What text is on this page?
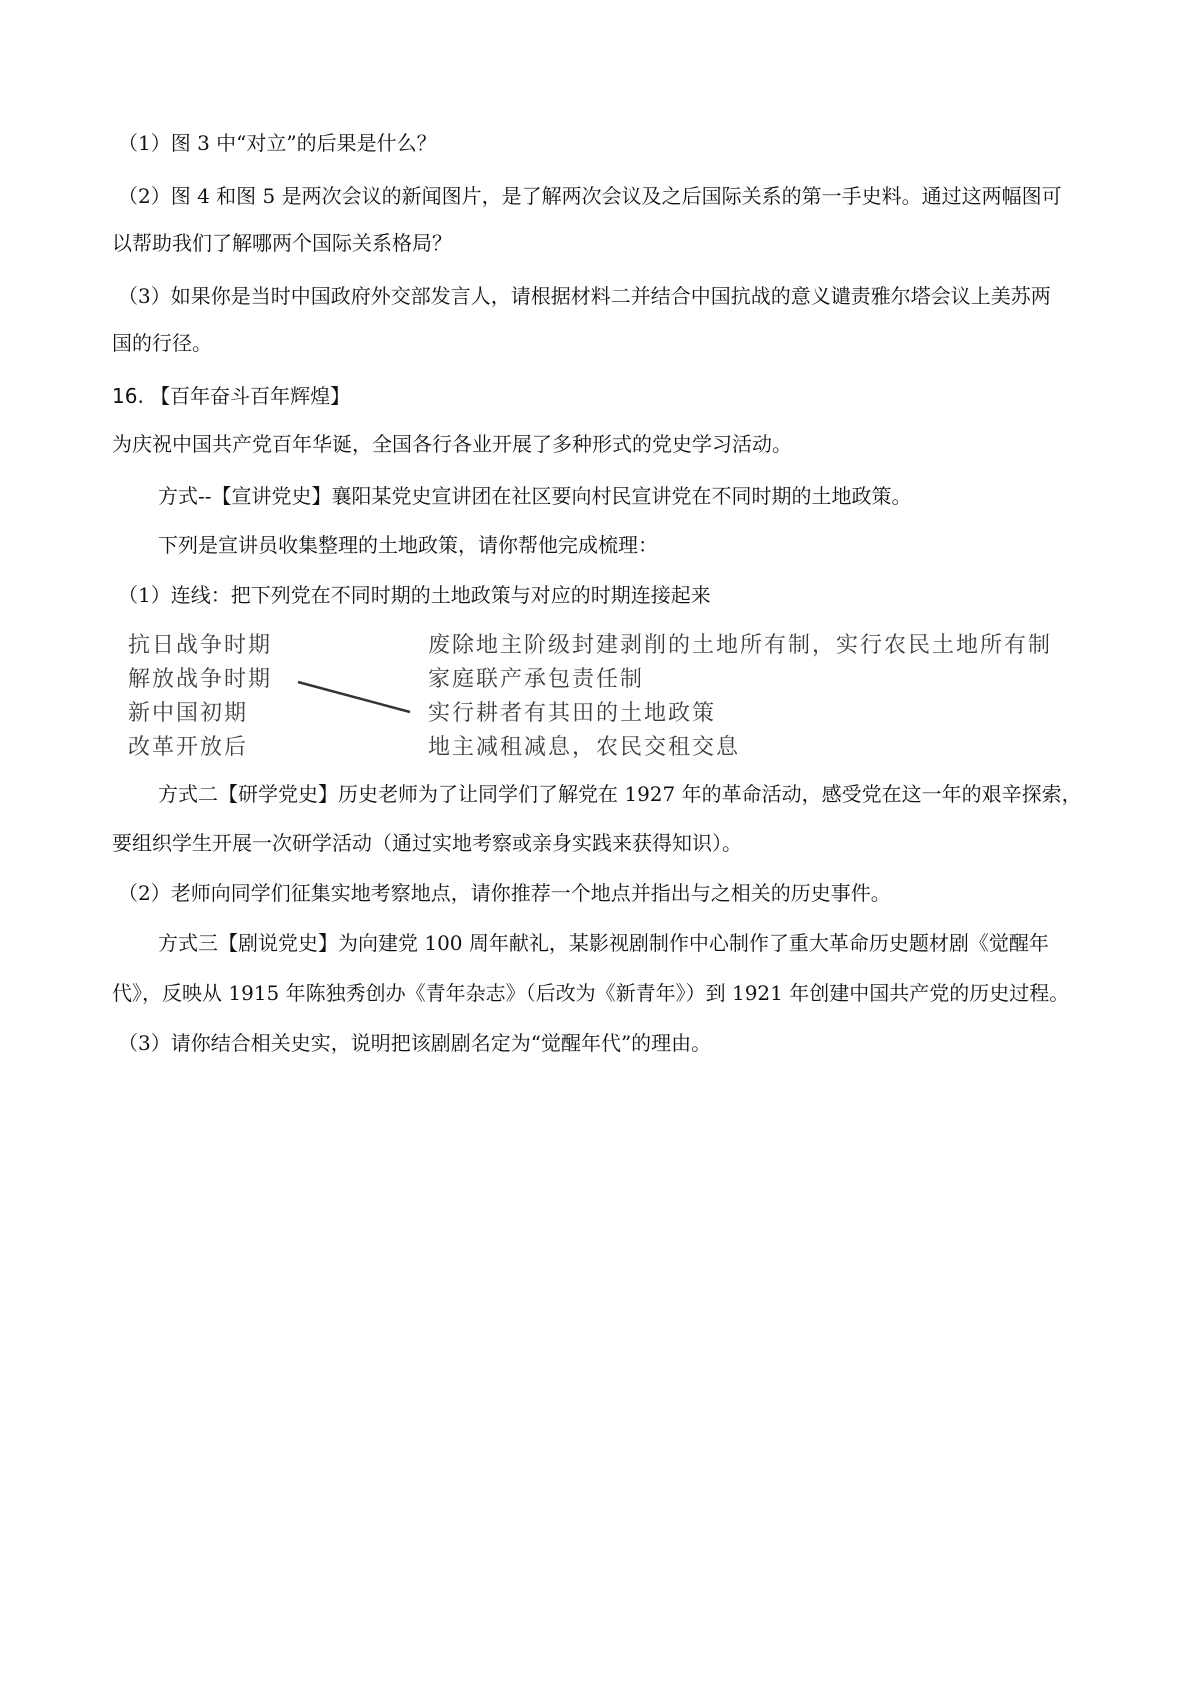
（1）图 3 中“对立”的后果是什么？
（2）图 4 和图 5 是两次会议的新闻图片，是了解两次会议及之后国际关系的第一手史料。通过这两幅图可
以帮助我们了解哪两个国际关系格局？
（3）如果你是当时中国政府外交部发言人，请根据材料二并结合中国抗战的意义谴责雅尔塔会议上美苏两
国的行径。
16. 【百年奋斗百年辉煌】
为庆祝中国共产党百年华诞，全国各行各业开展了多种形式的党史学习活动。
方式--【宣讲党史】襄阳某党史宣讲团在社区要向村民宣讲党在不同时期的土地政策。
下列是宣讲员收集整理的土地政策，请你帮他完成梳理：
（1）连线：把下列党在不同时期的土地政策与对应的时期连接起来
抗日战争时期
解放战争时期
新中国初期
改革开放后
废除地主阶级封建剥削的土地所有制，实行农民土地所有制
家庭联产承包责任制
实行耕者有其田的土地政策
地主减租减息，农民交租交息
方式二【研学党史】历史老师为了让同学们了解党在 1927 年的革命活动，感受党在这一年的艰辛探索，
要组织学生开展一次研学活动（通过实地考察或亲身实践来获得知识）。
（2）老师向同学们征集实地考察地点，请你推荐一个地点并指出与之相关的历史事件。
方式三【剧说党史】为向建党 100 周年献礼，某影视剧制作中心制作了重大革命历史题材剧《觉醒年
代》，反映从 1915 年陈独秀创办《青年杂志》（后改为《新青年》）到 1921 年创建中国共产党的历史过程。
（3）请你结合相关史实，说明把该剧剧名定为“觉醒年代”的理由。
